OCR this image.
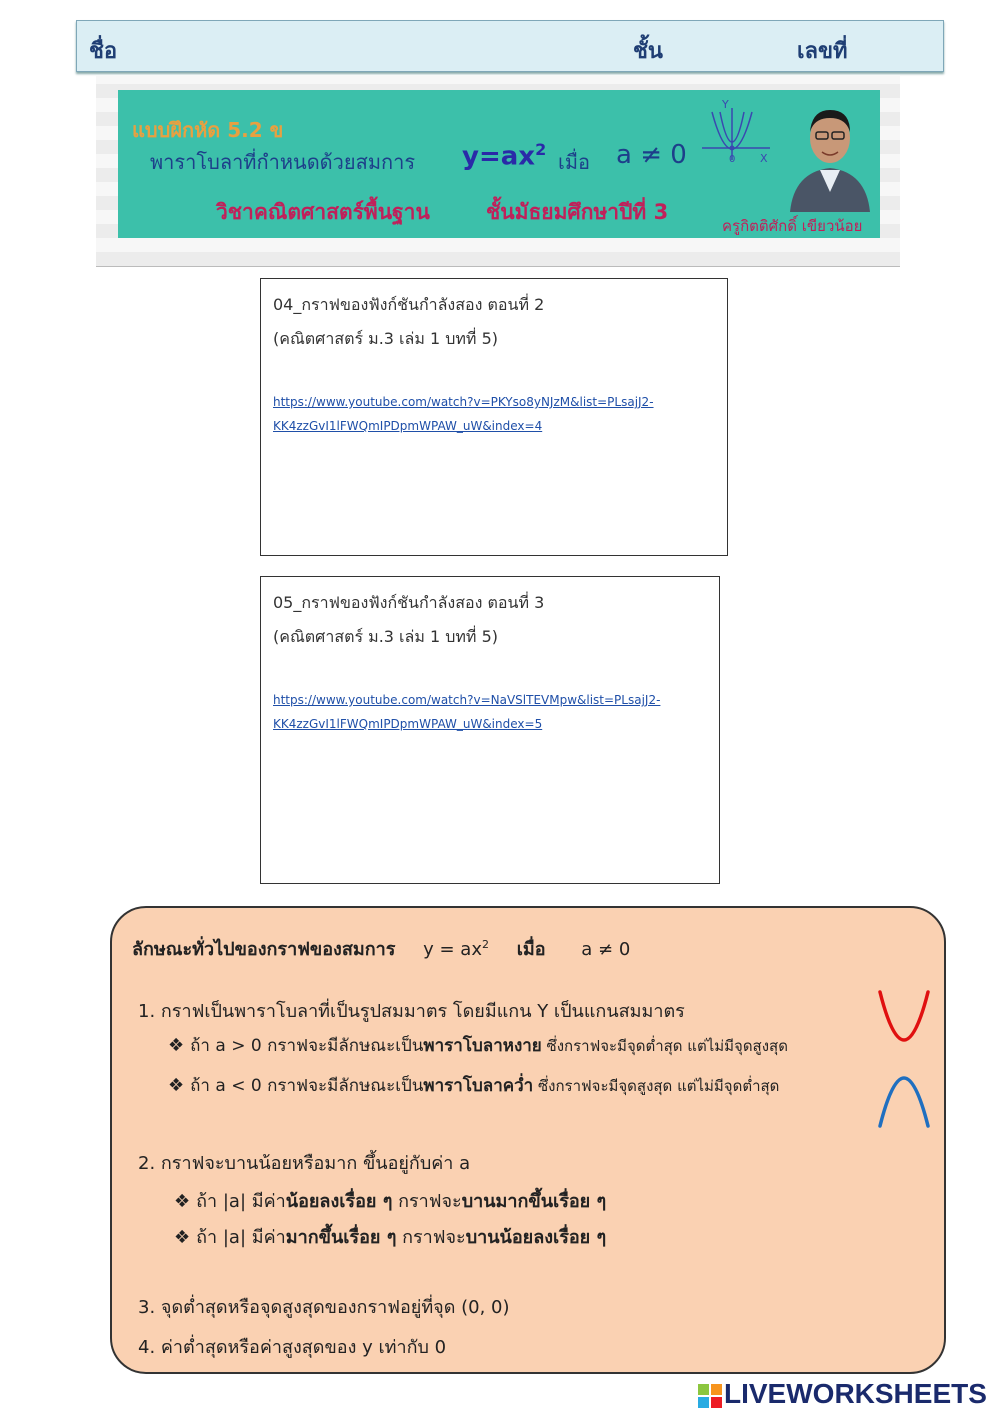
ชื่อ	ชั้น	เลขที่
แบบฝึกหัด 5.2 ข
พาราโบลาที่กำหนดด้วยสมการ $y=ax^2$
เมื่อ a ≠ 0
วิชาคณิตศาสตร์พื้นฐาน	ชั้นมัธยมศึกษาปีที่ 3
ครูกิตติศักดิ์ เขียวน้อย
Y
X
0
04_กราฟของฟังก์ชันกำลังสอง ตอนที่ 2
(คณิตศาสตร์ ม.3 เล่ม 1 บทที่ 5)
https://www.youtube.com/watch?v=PKYso8yNJzM&list=PLsajJ2-
KK4zzGvI1lFWQmIPDpmWPAW_uW&index=4
05_กราฟของฟังก์ชันกำลังสอง ตอนที่ 3
(คณิตศาสตร์ ม.3 เล่ม 1 บทที่ 5)
https://www.youtube.com/watch?v=NaVSlTEVMpw&list=PLsajJ2-
KK4zzGvI1lFWQmIPDpmWPAW_uW&index=5
ลักษณะทั่วไปของกราฟของสมการ $y = ax^2$ เมื่อ a ≠ 0
1. กราฟเป็นพาราโบลาที่เป็นรูปสมมาตร โดยมีแกน Y เป็นแกนสมมาตร
❖ ถ้า a > 0 กราฟจะมีลักษณะเป็นพาราโบลาหงาย ซึ่งกราฟจะมีจุดต่ำสุด แต่ไม่มีจุดสูงสุด
❖ ถ้า a < 0 กราฟจะมีลักษณะเป็นพาราโบลาคว่ำ ซึ่งกราฟจะมีจุดสูงสุด แต่ไม่มีจุดต่ำสุด
2. กราฟจะบานน้อยหรือมาก ขึ้นอยู่กับค่า a
❖ ถ้า |a| มีค่าน้อยลงเรื่อย ๆ กราฟจะบานมากขึ้นเรื่อย ๆ
❖ ถ้า |a| มีค่ามากขึ้นเรื่อย ๆ กราฟจะบานน้อยลงเรื่อย ๆ
3. จุดต่ำสุดหรือจุดสูงสุดของกราฟอยู่ที่จุด (0, 0)
4. ค่าต่ำสุดหรือค่าสูงสุดของ y เท่ากับ 0
LIVEWORKSHEETS
